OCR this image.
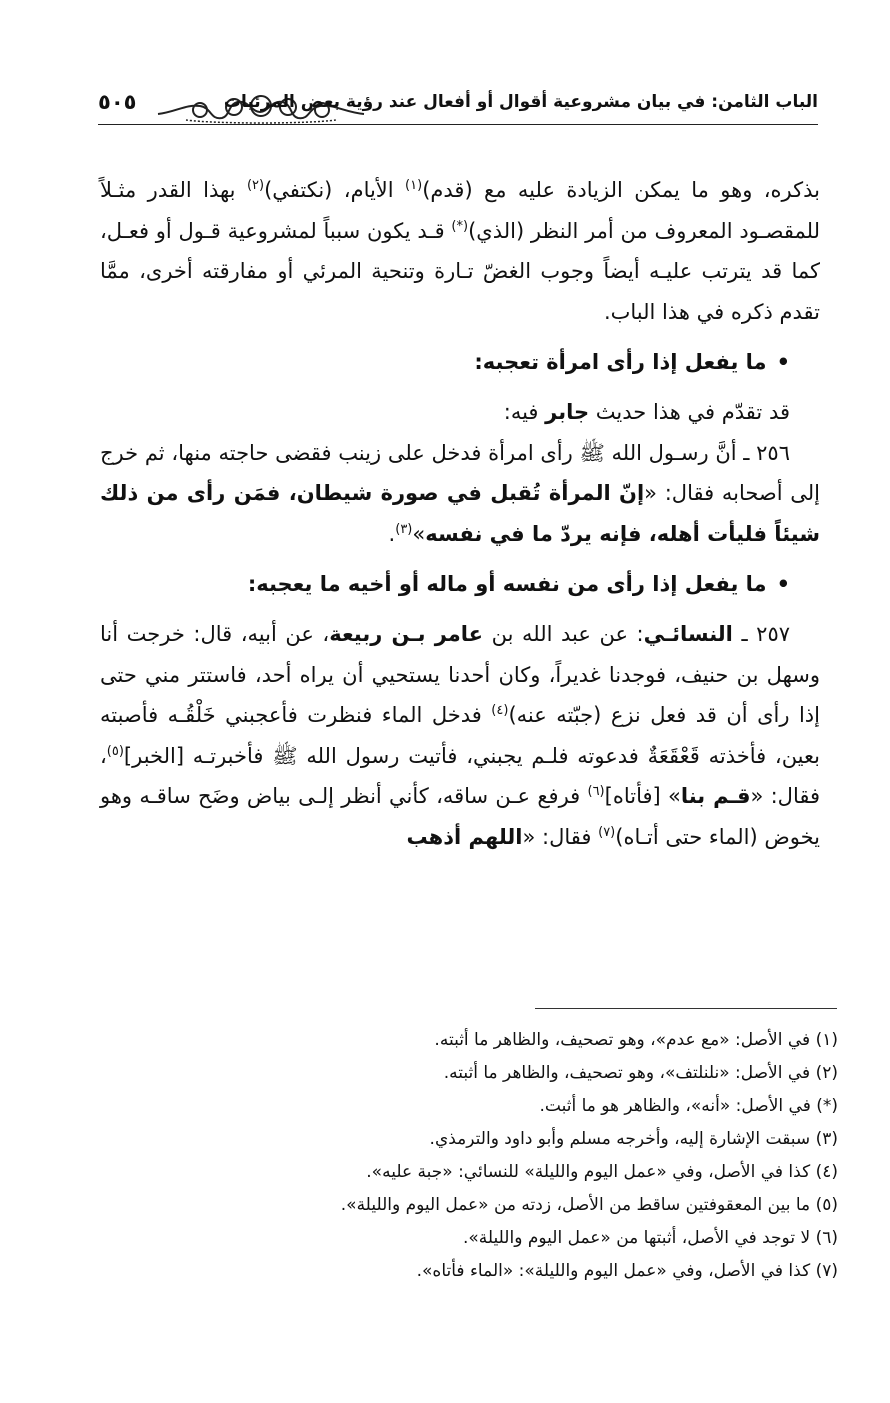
٥٠٥	الباب الثامن: في بيان مشروعية أقوال أو أفعال عند رؤية بعض المرئيات

بذكره، وهو ما يمكن الزيادة عليه مع (قدم)$^{(١)}$ الأيام، (نكتفي)$^{(٢)}$ بهذا القدر مثـلاً للمقصـود المعروف من أمر النظر (الذي)(*) قـد يكون سبباً لمشروعية قـول أو فعـل، كما قد يترتب عليـه أيضاً وجوب الغضّ تـارة وتنحية المرئي أو مفارقته أخرى، ممَّا تقدم ذكره في هذا الباب.

•ما يفعل إذا رأى امرأة تعجبه:

قد تقدّم في هذا حديث جابر فيه:

٢٥٦ ـ أنَّ رسـول الله ﷺ رأى امرأة فدخل على زينب فقضى حاجته منها، ثم خرج إلى أصحابه فقال: «إنّ المرأة تُقبل في صورة شيطان، فمَن رأى من ذلك شيئاً فليأت أهله، فإنه يردّ ما في نفسه»$^{(٣)}$.

•ما يفعل إذا رأى من نفسه أو ماله أو أخيه ما يعجبه:

٢٥٧ ـ النسائـي: عن عبد الله بن عامر بـن ربيعة، عن أبيه، قال: خرجت أنا وسهل بن حنيف، فوجدنا غديراً، وكان أحدنا يستحيي أن يراه أحد، فاستتر مني حتى إذا رأى أن قد فعل نزع (جبّته عنه)$^{(٤)}$ فدخل الماء فنظرت فأعجبني خَلْقُـه فأصبته بعين، فأخذته قَعْقَعَةٌ فدعوته فلـم يجبني، فأتيت رسول الله ﷺ فأخبرتـه [الخبر]$^{(٥)}$، فقال: «قـم بنا» [فأتاه]$^{(٦)}$ فرفع عـن ساقه، كأني أنظر إلـى بياض وضَح ساقـه وهو يخوض (الماء حتى أتـاه)$^{(٧)}$ فقال: «اللهم أذهب

(١) في الأصل: «مع عدم»، وهو تصحيف، والظاهر ما أثبته.
(٢) في الأصل: «نلنلتف»، وهو تصحيف، والظاهر ما أثبته.
(*) في الأصل: «أنه»، والظاهر هو ما أثبت.
(٣) سبقت الإشارة إليه، وأخرجه مسلم وأبو داود والترمذي.
(٤) كذا في الأصل، وفي «عمل اليوم والليلة» للنسائي: «جبة عليه».
(٥) ما بين المعقوفتين ساقط من الأصل، زدته من «عمل اليوم والليلة».
(٦) لا توجد في الأصل، أثبتها من «عمل اليوم والليلة».
(٧) كذا في الأصل، وفي «عمل اليوم والليلة»: «الماء فأتاه».
